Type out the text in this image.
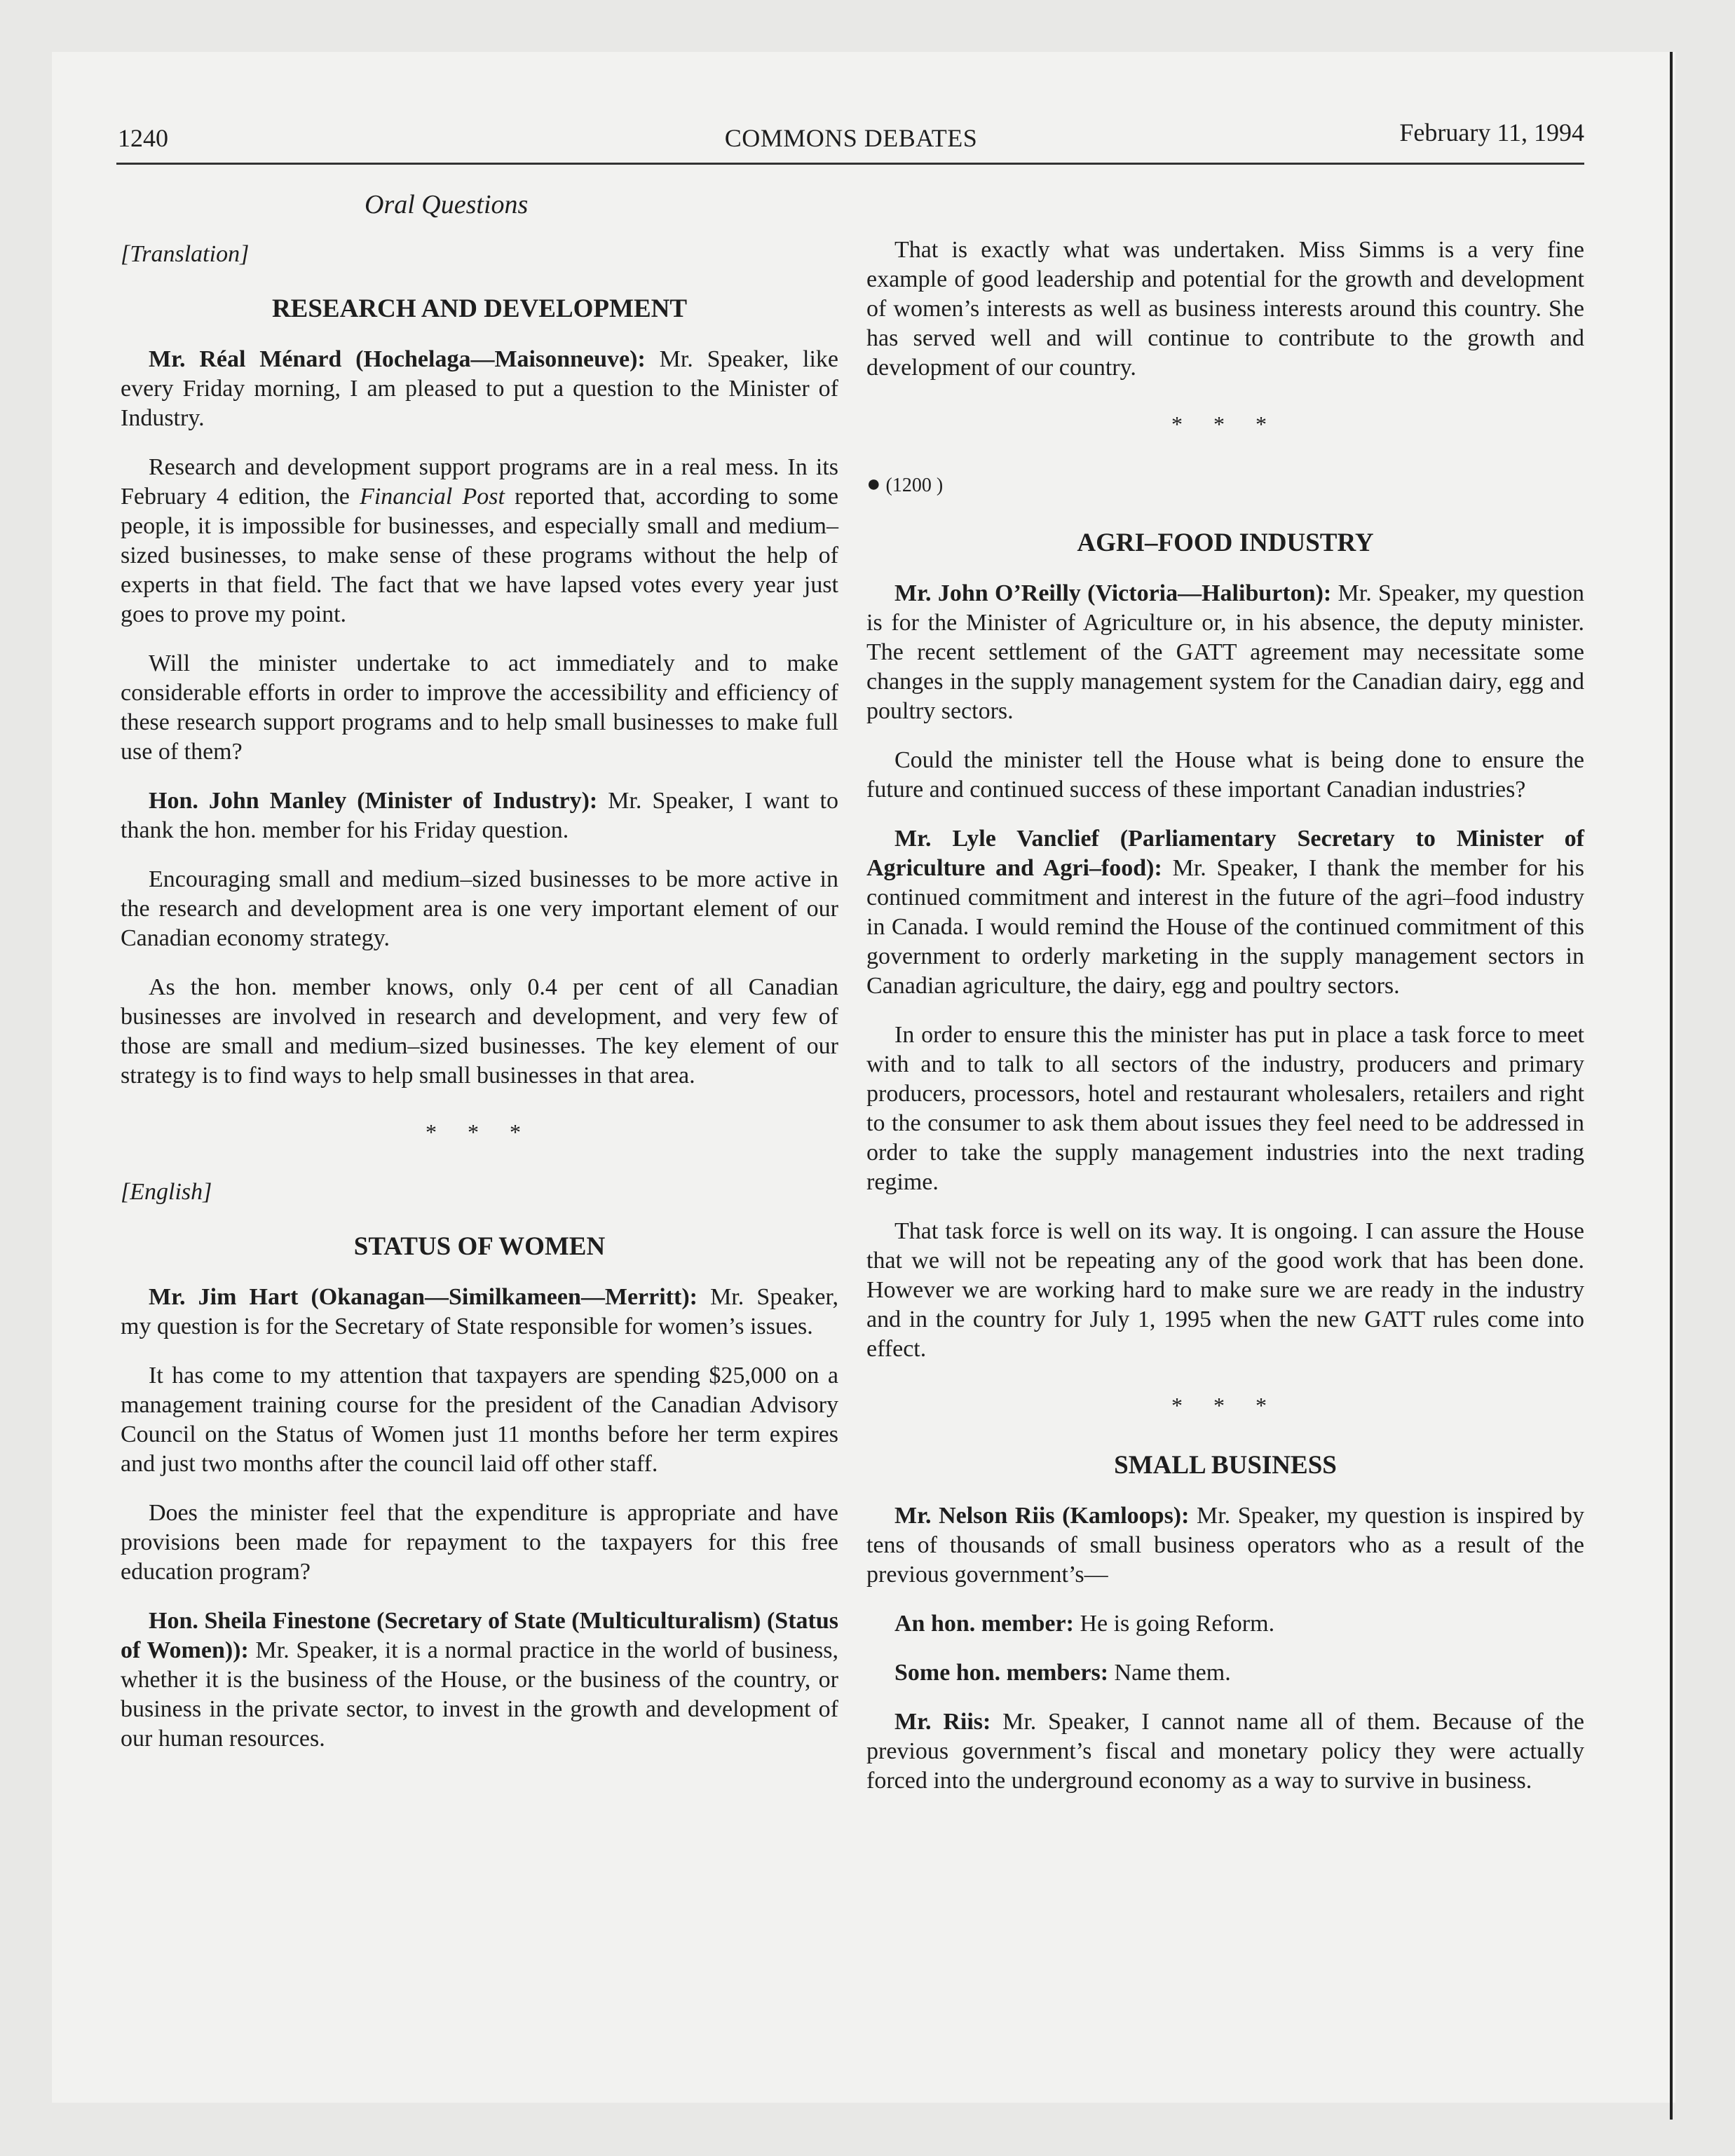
1240	COMMONS DEBATES	February 11, 1994
Oral Questions
[Translation]
RESEARCH AND DEVELOPMENT

Mr. Réal Ménard (Hochelaga—Maisonneuve): Mr. Speaker, like every Friday morning, I am pleased to put a question to the Minister of Industry.

Research and development support programs are in a real mess. In its February 4 edition, the Financial Post reported that, according to some people, it is impossible for businesses, and especially small and medium–sized businesses, to make sense of these programs without the help of experts in that field. The fact that we have lapsed votes every year just goes to prove my point.

Will the minister undertake to act immediately and to make considerable efforts in order to improve the accessibility and efficiency of these research support programs and to help small businesses to make full use of them?

Hon. John Manley (Minister of Industry): Mr. Speaker, I want to thank the hon. member for his Friday question.

Encouraging small and medium–sized businesses to be more active in the research and development area is one very important element of our Canadian economy strategy.

As the hon. member knows, only 0.4 per cent of all Canadian businesses are involved in research and development, and very few of those are small and medium–sized businesses. The key element of our strategy is to find ways to help small businesses in that area.

* * *
[English]
STATUS OF WOMEN

Mr. Jim Hart (Okanagan—Similkameen—Merritt): Mr. Speaker, my question is for the Secretary of State responsible for women’s issues.

It has come to my attention that taxpayers are spending $25,000 on a management training course for the president of the Canadian Advisory Council on the Status of Women just 11 months before her term expires and just two months after the council laid off other staff.

Does the minister feel that the expenditure is appropriate and have provisions been made for repayment to the taxpayers for this free education program?

Hon. Sheila Finestone (Secretary of State (Multiculturalism) (Status of Women)): Mr. Speaker, it is a normal practice in the world of business, whether it is the business of the House, or the business of the country, or business in the private sector, to invest in the growth and development of our human resources.

That is exactly what was undertaken. Miss Simms is a very fine example of good leadership and potential for the growth and development of women’s interests as well as business interests around this country. She has served well and will continue to contribute to the growth and development of our country.

* * *
● (1200 )
AGRI–FOOD INDUSTRY

Mr. John O’Reilly (Victoria—Haliburton): Mr. Speaker, my question is for the Minister of Agriculture or, in his absence, the deputy minister. The recent settlement of the GATT agreement may necessitate some changes in the supply management system for the Canadian dairy, egg and poultry sectors.

Could the minister tell the House what is being done to ensure the future and continued success of these important Canadian industries?

Mr. Lyle Vanclief (Parliamentary Secretary to Minister of Agriculture and Agri–food): Mr. Speaker, I thank the member for his continued commitment and interest in the future of the agri–food industry in Canada. I would remind the House of the continued commitment of this government to orderly marketing in the supply management sectors in Canadian agriculture, the dairy, egg and poultry sectors.

In order to ensure this the minister has put in place a task force to meet with and to talk to all sectors of the industry, producers and primary producers, processors, hotel and restaurant wholesalers, retailers and right to the consumer to ask them about issues they feel need to be addressed in order to take the supply management industries into the next trading regime.

That task force is well on its way. It is ongoing. I can assure the House that we will not be repeating any of the good work that has been done. However we are working hard to make sure we are ready in the industry and in the country for July 1, 1995 when the new GATT rules come into effect.

* * *
SMALL BUSINESS

Mr. Nelson Riis (Kamloops): Mr. Speaker, my question is inspired by tens of thousands of small business operators who as a result of the previous government’s—

An hon. member: He is going Reform.

Some hon. members: Name them.

Mr. Riis: Mr. Speaker, I cannot name all of them. Because of the previous government’s fiscal and monetary policy they were actually forced into the underground economy as a way to survive in business.
